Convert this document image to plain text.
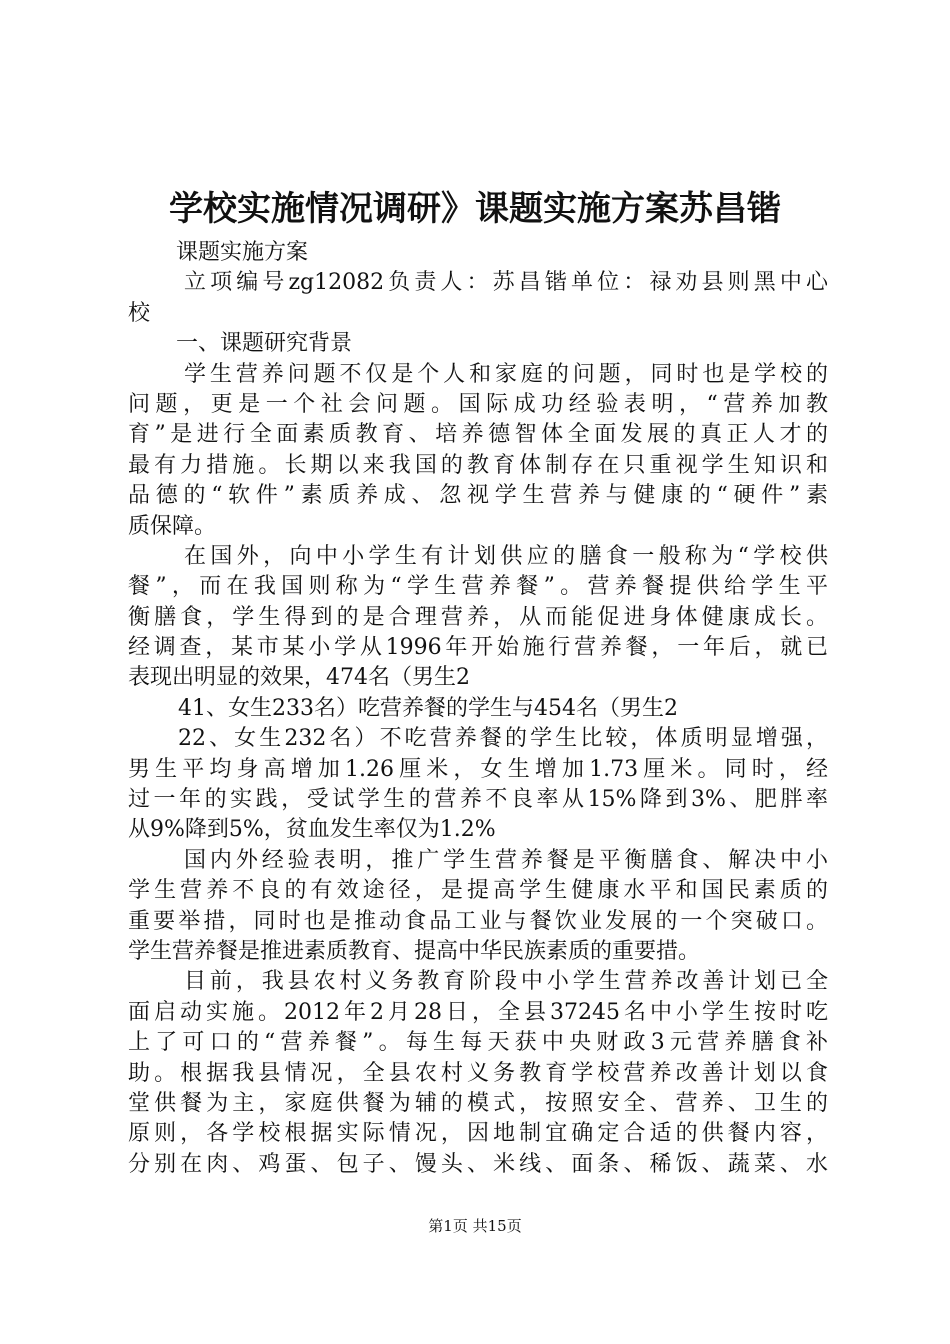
学校实施情况调研》课题实施方案苏昌锴
课题实施方案
立项编号zg12082负责人：苏昌锴单位：禄劝县则黑中心
校
一、课题研究背景
学生营养问题不仅是个人和家庭的问题，同时也是学校的
问题，更是一个社会问题。国际成功经验表明，“营养加教
育”是进行全面素质教育、培养德智体全面发展的真正人才的
最有力措施。长期以来我国的教育体制存在只重视学生知识和
品德的“软件”素质养成、忽视学生营养与健康的“硬件”素
质保障。
在国外，向中小学生有计划供应的膳食一般称为“学校供
餐”，而在我国则称为“学生营养餐”。营养餐提供给学生平
衡膳食，学生得到的是合理营养，从而能促进身体健康成长。
经调查，某市某小学从1996年开始施行营养餐，一年后，就已
表现出明显的效果，474名（男生2
41、女生233名）吃营养餐的学生与454名（男生2
22、女生232名）不吃营养餐的学生比较，体质明显增强，
男生平均身高增加1.26厘米，女生增加1.73厘米。同时，经
过一年的实践，受试学生的营养不良率从15%降到3%、肥胖率
从9%降到5%，贫血发生率仅为1.2%
国内外经验表明，推广学生营养餐是平衡膳食、解决中小
学生营养不良的有效途径，是提高学生健康水平和国民素质的
重要举措，同时也是推动食品工业与餐饮业发展的一个突破口。
学生营养餐是推进素质教育、提高中华民族素质的重要措。
目前，我县农村义务教育阶段中小学生营养改善计划已全
面启动实施。2012年2月28日，全县37245名中小学生按时吃
上了可口的“营养餐”。每生每天获中央财政3元营养膳食补
助。根据我县情况，全县农村义务教育学校营养改善计划以食
堂供餐为主，家庭供餐为辅的模式，按照安全、营养、卫生的
原则，各学校根据实际情况，因地制宜确定合适的供餐内容，
分别在肉、鸡蛋、包子、馒头、米线、面条、稀饭、蔬菜、水
第1页 共15页
